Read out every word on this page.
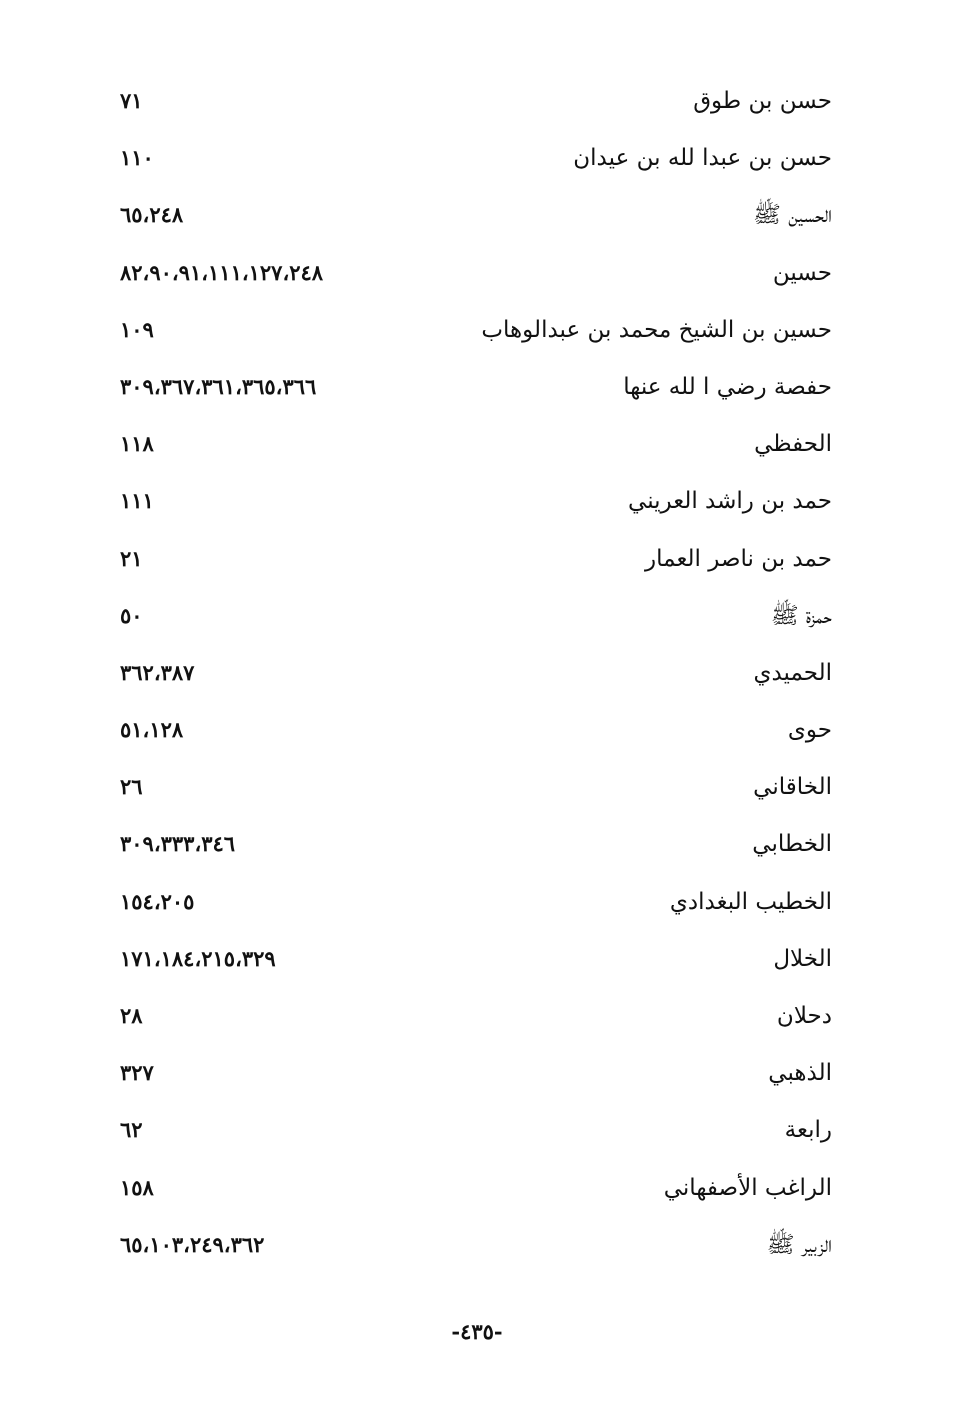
حسن بن طوق
٧١
حسن بن عبدا لله بن عيدان
١١٠
الحسين ﷺ
٦٥،٢٤٨
حسين
٨٢،٩٠،٩١،١١١،١٢٧،٢٤٨
حسين بن الشيخ محمد بن عبدالوهاب
١٠٩
حفصة رضي ا لله عنها
٣٠٩،٣٦٧،٣٦١،٣٦٥،٣٦٦
الحفظي
١١٨
حمد بن راشد العريني
١١١
حمد بن ناصر العمار
٢١
حمزة ﷺ
٥٠
الحميدي
٣٦٢،٣٨٧
حوى
٥١،١٢٨
الخاقاني
٢٦
الخطابي
٣٠٩،٣٣٣،٣٤٦
الخطيب البغدادي
١٥٤،٢٠٥
الخلال
١٧١،١٨٤،٢١٥،٣٢٩
دحلان
٢٨
الذهبي
٣٢٧
رابعة
٦٢
الراغب الأصفهاني
١٥٨
الزبير ﷺ
٦٥،١٠٣،٢٤٩،٣٦٢
-٤٣٥-
